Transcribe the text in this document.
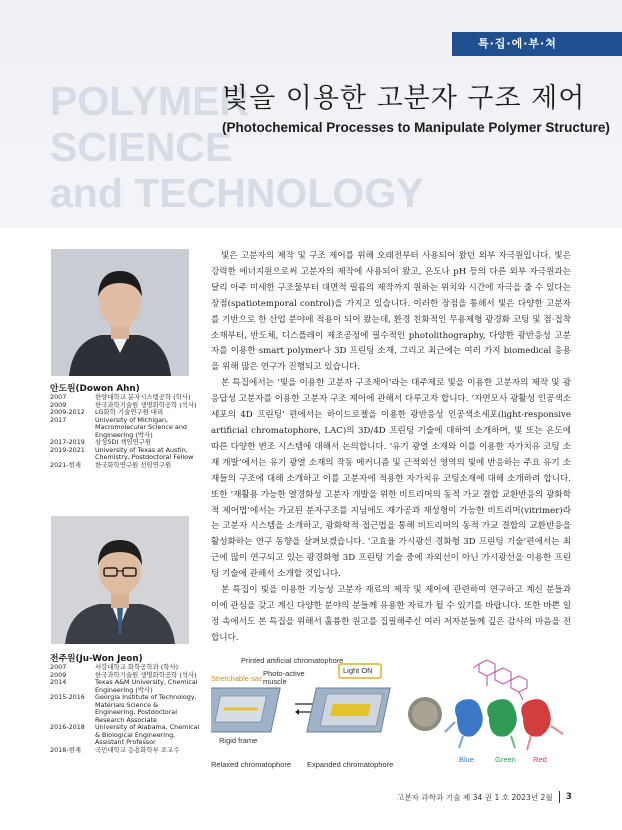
특·집·에·부·쳐
POLYMER
SCIENCE
and TECHNOLOGY
빛을 이용한 고분자 구조 제어
(Photochemical Processes to Manipulate Polymer Structure)
안도원(Dowon Ahn)
2007	한양대학교 분자시스템공학 (학사)
2009	한국과학기술원 생명화학공학 (석사)
2009-2012	LG화학 기술연구원 대리
2017	University of Michigan, Macromolecular Science and Engineering (박사)
2017-2019	삼성SDI 책임연구원
2019-2021	University of Texas at Austin, Chemistry, Postdoctoral Fellow
2021-현재	한국화학연구원 선임연구원
전주원(Ju-Won Jeon)
2007	서강대학교 화학공학과 (학사)
2009	한국과학기술원 생명화학공학 (석사)
2014	Texas A&M University, Chemical Engineering (박사)
2015-2016	Georgia Institute of Technology, Materials Science & Engineering, Postdoctoral Research Associate
2016-2018	University of Alabama, Chemical & Biological Engineering, Assistant Professor
2018-현재	국민대학교 응용화학부 조교수

빛은 고분자의 제작 및 구조 제어를 위해 오래전부터 사용되어 왔던 외부 자극원입니다. 빛은 강력한 에너지원으로써 고분자의 제작에 사용되어 왔고, 온도나 pH 등의 다른 외부 자극원과는 달리 아주 미세한 구조물부터 대면적 필름의 제작까지 원하는 위치와 시간에 자극을 줄 수 있다는 장점(spatiotemporal control)을 가지고 있습니다. 이러한 장점을 통해서 빛은 다양한 고분자를 기반으로 한 산업 분야에 적용이 되어 왔는데, 환경 친화적인 무용제형 광경화 코팅 및 점·접착 소재부터, 반도체, 디스플레이 제조공정에 필수적인 photolithography, 다양한 광반응성 고분자를 이용한 smart polymer나 3D 프린팅 소재, 그리고 최근에는 여러 가지 biomedical 응용을 위해 많은 연구가 진행되고 있습니다.

본 특집에서는 ‘빛을 이용한 고분자 구조제어’라는 대주제로 빛을 이용한 고분자의 제작 및 광응답성 고분자를 이용한 고분자 구조 제어에 관해서 다루고자 합니다. ‘자연모사 광활성 인공색소세포의 4D 프린팅’ 편에서는 하이드로젤을 이용한 광반응성 인공색소세포(light-responsive artificial chromatophore, LAC)의 3D/4D 프린팅 기술에 대하여 소개하며, 빛 또는 온도에 따른 다양한 변조 시스템에 대해서 논의합니다. ‘유기 광열 소재와 이를 이용한 자가치유 코팅 소재 개발’에서는 유기 광열 소재의 작동 메커니즘 및 근적외선 영역의 빛에 반응하는 주요 유기 소재들의 구조에 대해 소개하고 이를 고분자에 적용한 자가치유 코팅소재에 대해 소개하려 합니다. 또한 ‘재활용 가능한 열경화성 고분자 개발을 위한 비트리머의 동적 가교 결합 교환반응의 광화학적 제어법’에서는 가교된 분자구조를 지님에도 재가공과 재성형이 가능한 비트리머(vitrimer)라는 고분자 시스템을 소개하고, 광화학적 접근법을 통해 비트리머의 동적 가교 결합의 교환반응을 활성화하는 연구 동향을 살펴보겠습니다. ‘고효율 가시광선 경화형 3D 프린팅 기술’편에서는 최근에 많이 연구되고 있는 광경화형 3D 프린팅 기술 중에 자외선이 아닌 가시광선을 이용한 프린팅 기술에 관해서 소개할 것입니다.

본 특집이 빛을 이용한 기능성 고분자 재료의 제작 및 제어에 관련하여 연구하고 계신 분들과 이에 관심을 갖고 계신 다양한 분야의 분들께 유용한 자료가 될 수 있기를 바랍니다. 또한 바쁜 일정 속에서도 본 특집을 위해서 훌륭한 원고를 집필해주신 여러 저자분들께 깊은 감사의 마음을 전합니다.

Printed artificial chromatophore
Stretchable sac
Photo-active muscle
Light ON
Rigid frame
Relaxed chromatophore Expanded chromatophore
Blue	Green Red
고분자 과학과 기술 제 34 권 1 호 2023년 2월 3
